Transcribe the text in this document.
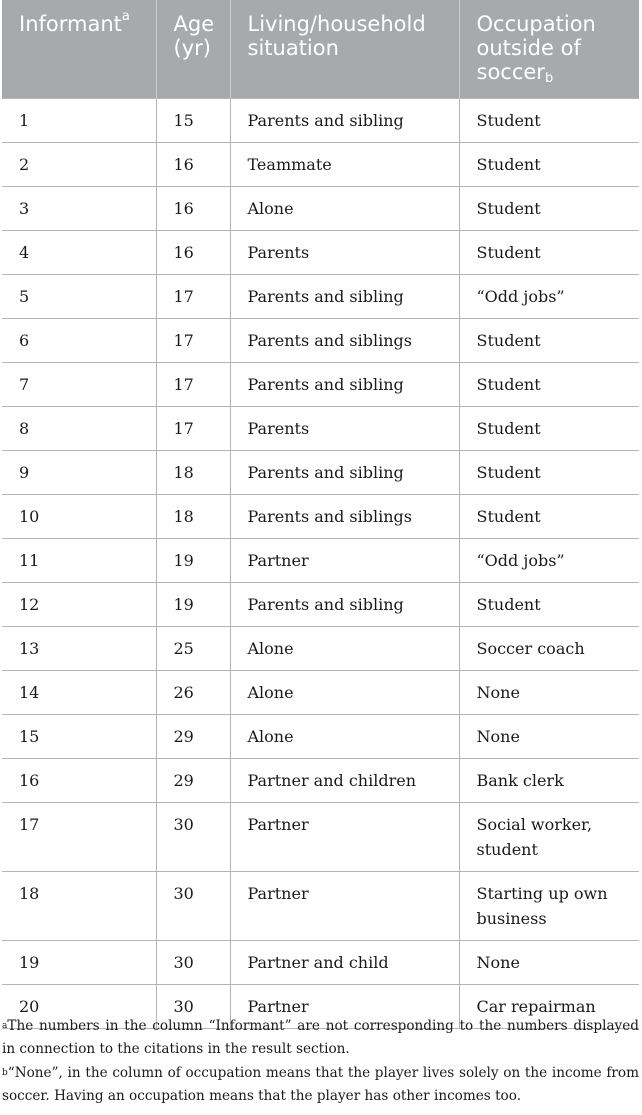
Informant$^a$	Age (yr)	Living/household situation	Occupation outside of soccer$_b$
1	15	Parents and sibling	Student
2	16	Teammate	Student
3	16	Alone	Student
4	16	Parents	Student
5	17	Parents and sibling	“Odd jobs”
6	17	Parents and siblings	Student
7	17	Parents and sibling	Student
8	17	Parents	Student
9	18	Parents and sibling	Student
10	18	Parents and siblings	Student
11	19	Partner	“Odd jobs”
12	19	Parents and sibling	Student
13	25	Alone	Soccer coach
14	26	Alone	None
15	29	Alone	None
16	29	Partner and children	Bank clerk
17	30	Partner	Social worker, student
18	30	Partner	Starting up own business
19	30	Partner and child	None
20	30	Partner	Car repairman

$^a$The numbers in the column “Informant” are not corresponding to the numbers displayed in connection to the citations in the result section.

$^b$“None”, in the column of occupation means that the player lives solely on the income from soccer. Having an occupation means that the player has other incomes too.
